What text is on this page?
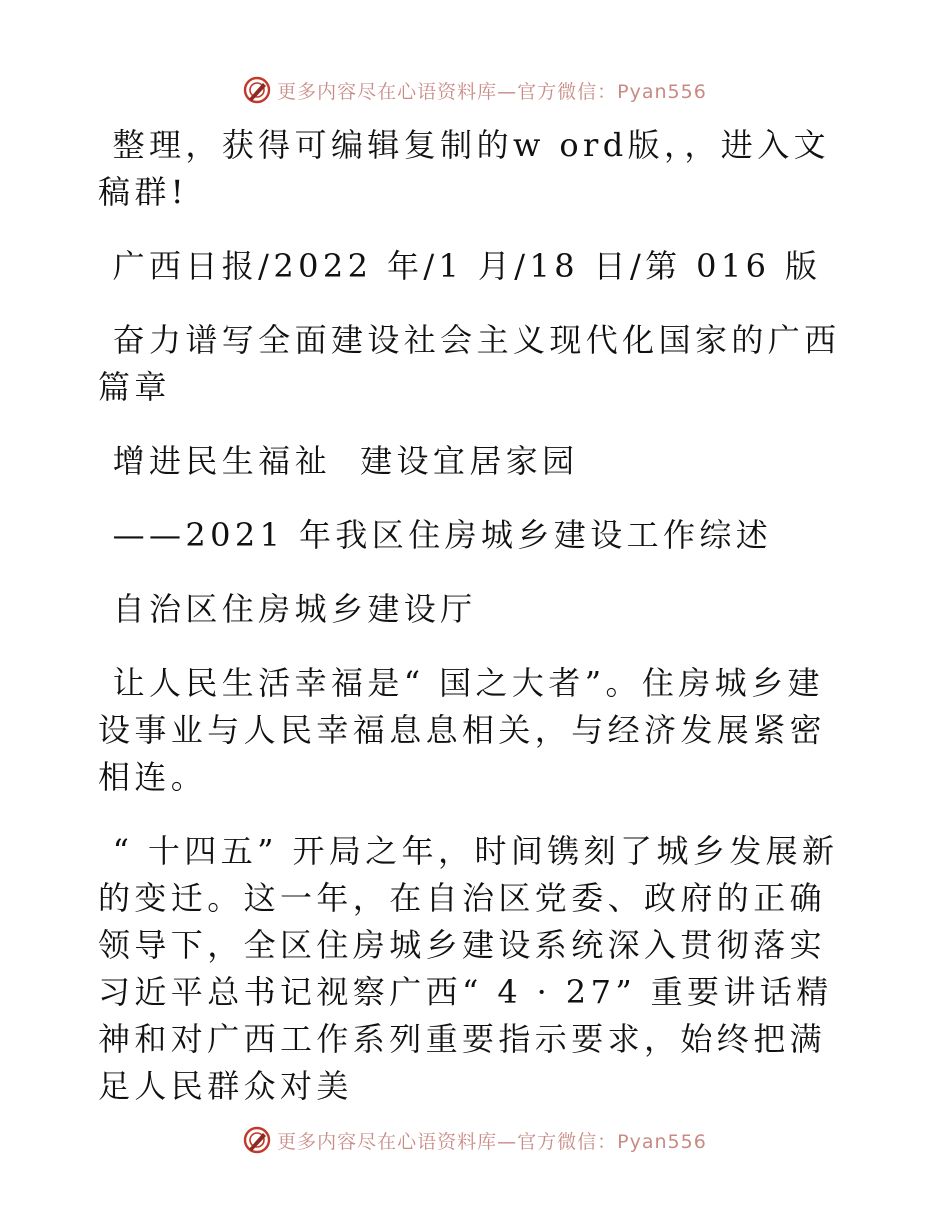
更多内容尽在心语资料库—官方微信：Pyan556

整理，获得可编辑复制的w ord版，，进入文稿群!

广西日报/2022 年/1 月/18 日/第 016 版

奋力谱写全面建设社会主义现代化国家的广西篇章

增进民生福祉  建设宜居家园

——2021 年我区住房城乡建设工作综述

自治区住房城乡建设厅

让人民生活幸福是“ 国之大者”。住房城乡建设事业与人民幸福息息相关，与经济发展紧密相连。

“ 十四五” 开局之年，时间镌刻了城乡发展新的变迁。这一年，在自治区党委、政府的正确领导下，全区住房城乡建设系统深入贯彻落实习近平总书记视察广西“ 4 · 27” 重要讲话精神和对广西工作系列重要指示要求，始终把满足人民群众对美

更多内容尽在心语资料库—官方微信：Pyan556
